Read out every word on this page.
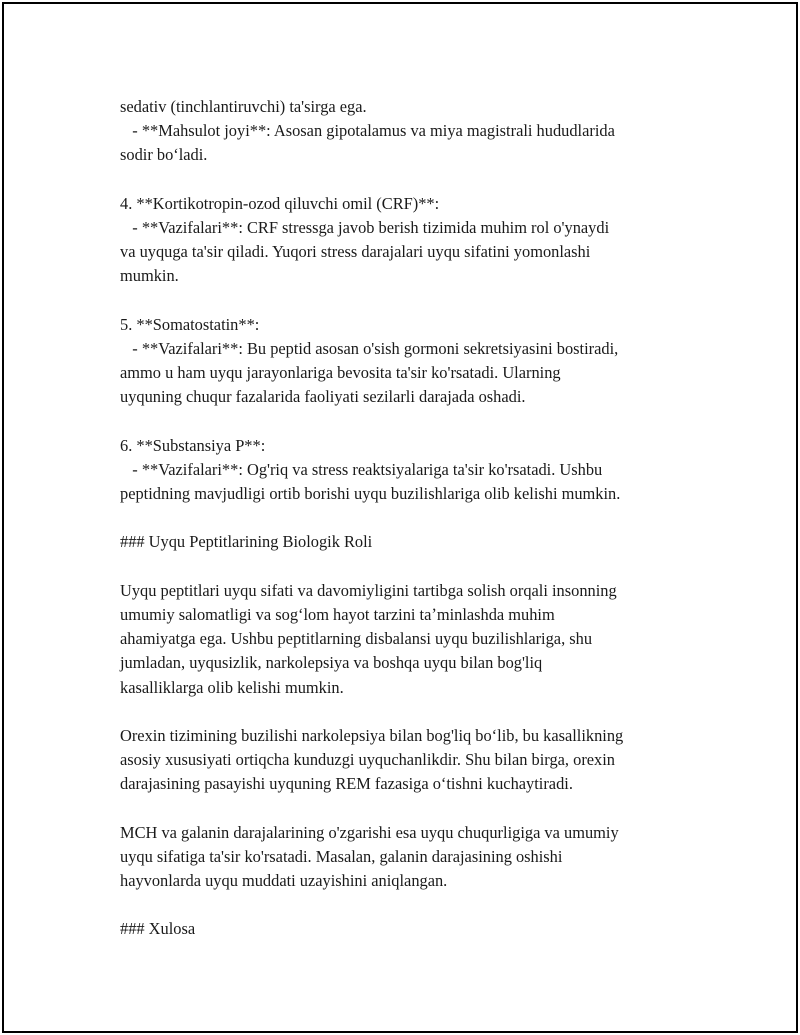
sedativ (tinchlantiruvchi) ta'sirga ega.
- **Mahsulot joyi**: Asosan gipotalamus va miya magistrali hududlarida
sodir boʻladi.
4. **Kortikotropin-ozod qiluvchi omil (CRF)**:
- **Vazifalari**: CRF stressga javob berish tizimida muhim rol o'ynaydi
va uyquga ta'sir qiladi. Yuqori stress darajalari uyqu sifatini yomonlashi
mumkin.
5. **Somatostatin**:
- **Vazifalari**: Bu peptid asosan o'sish gormoni sekretsiyasini bostiradi,
ammo u ham uyqu jarayonlariga bevosita ta'sir ko'rsatadi. Ularning
uyquning chuqur fazalarida faoliyati sezilarli darajada oshadi.
6. **Substansiya P**:
- **Vazifalari**: Og'riq va stress reaktsiyalariga ta'sir ko'rsatadi. Ushbu
peptidning mavjudligi ortib borishi uyqu buzilishlariga olib kelishi mumkin.
### Uyqu Peptitlarining Biologik Roli
Uyqu peptitlari uyqu sifati va davomiyligini tartibga solish orqali insonning
umumiy salomatligi va sogʻlom hayot tarzini taʼminlashda muhim
ahamiyatga ega. Ushbu peptitlarning disbalansi uyqu buzilishlariga, shu
jumladan, uyqusizlik, narkolepsiya va boshqa uyqu bilan bog'liq
kasalliklarga olib kelishi mumkin.
Orexin tizimining buzilishi narkolepsiya bilan bog'liq boʻlib, bu kasallikning
asosiy xususiyati ortiqcha kunduzgi uyquchanlikdir. Shu bilan birga, orexin
darajasining pasayishi uyquning REM fazasiga oʻtishni kuchaytiradi.
MCH va galanin darajalarining o'zgarishi esa uyqu chuqurligiga va umumiy
uyqu sifatiga ta'sir ko'rsatadi. Masalan, galanin darajasining oshishi
hayvonlarda uyqu muddati uzayishini aniqlangan.
### Xulosa
